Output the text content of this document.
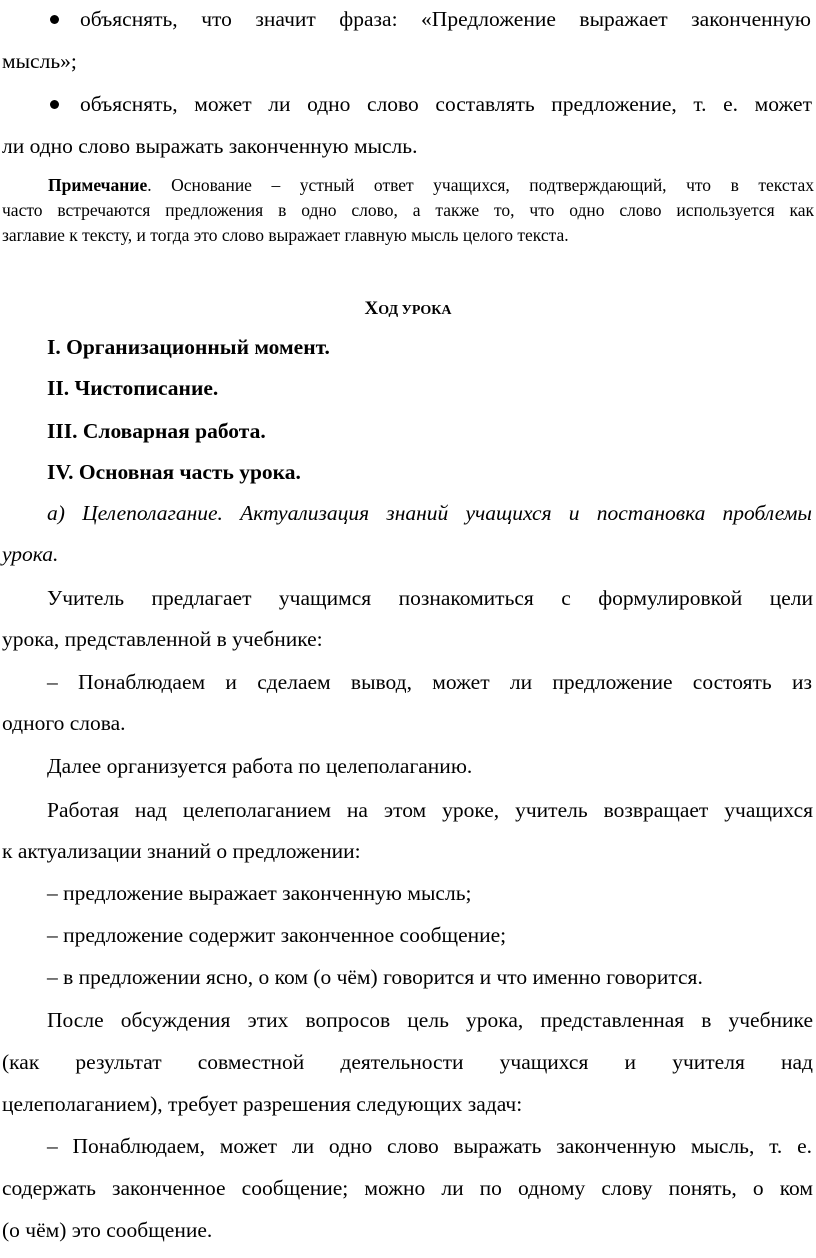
объяснять, что значит фраза: «Предложение выражает законченную

мысль»;

объяснять, может ли одно слово составлять предложение, т. е. может

ли одно слово выражать законченную мысль.

Примечание. Основание – устный ответ учащихся, подтверждающий, что в текстах

часто встречаются предложения в одно слово, а также то, что одно слово используется как

заглавие к тексту, и тогда это слово выражает главную мысль целого текста.

ХОД УРОКА

I. Организационный момент.

II. Чистописание.

III. Словарная работа.

IV. Основная часть урока.

а) Целеполагание. Актуализация знаний учащихся и постановка проблемы

урока.

Учитель предлагает учащимся познакомиться с формулировкой цели

урока, представленной в учебнике:

– Понаблюдаем и сделаем вывод, может ли предложение состоять из

одного слова.

Далее организуется работа по целеполаганию.

Работая над целеполаганием на этом уроке, учитель возвращает учащихся

к актуализации знаний о предложении:

– предложение выражает законченную мысль;

– предложение содержит законченное сообщение;

– в предложении ясно, о ком (о чём) говорится и что именно говорится.

После обсуждения этих вопросов цель урока, представленная в учебнике

(как результат совместной деятельности учащихся и учителя над

целеполаганием), требует разрешения следующих задач:

– Понаблюдаем, может ли одно слово выражать законченную мысль, т. е.

содержать законченное сообщение; можно ли по одному слову понять, о ком

(о чём) это сообщение.
